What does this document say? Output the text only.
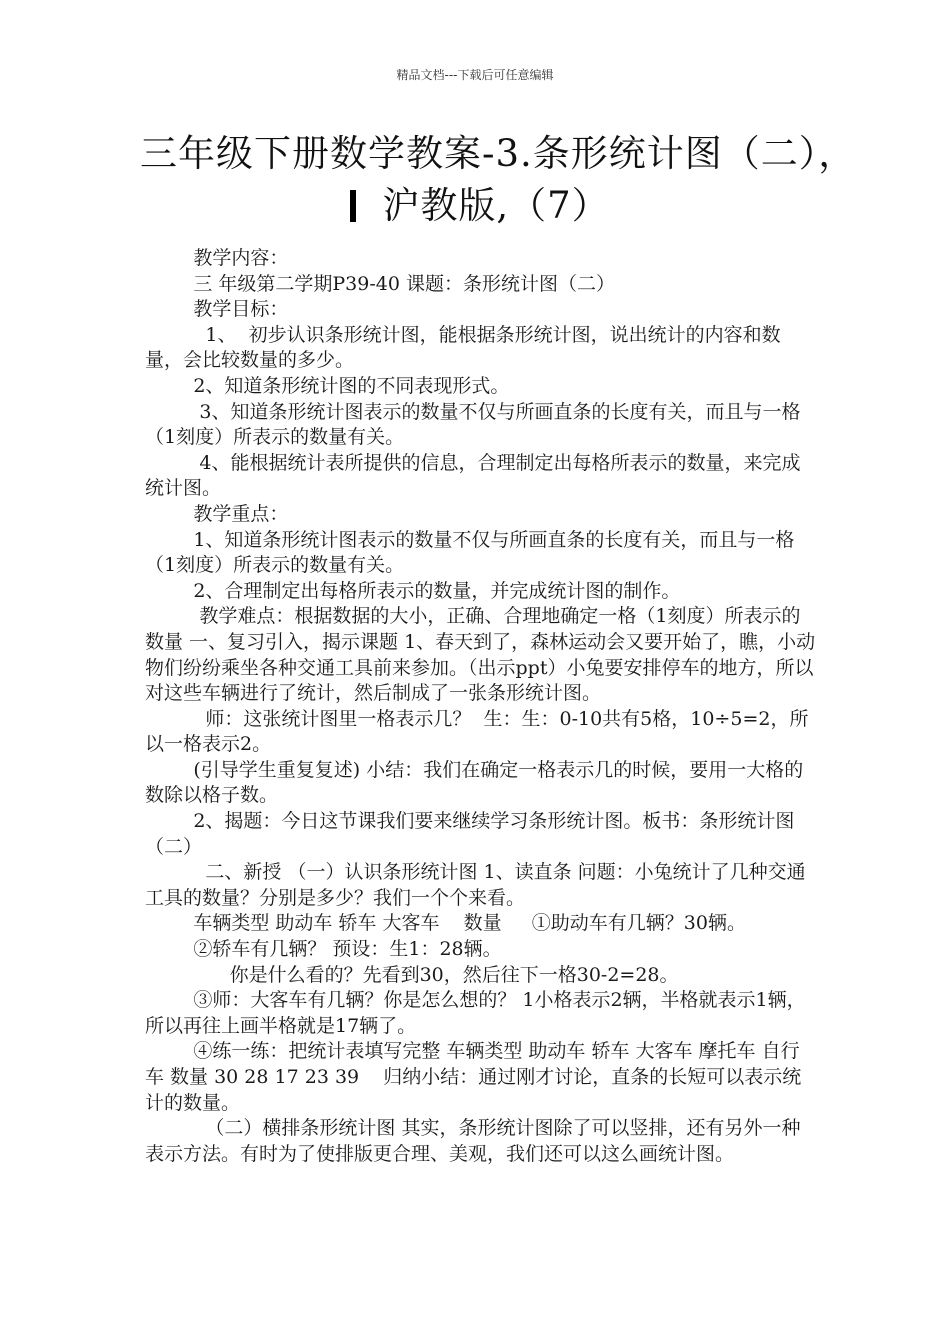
精品文档---下载后可任意编辑
三年级下册数学教案-3.条形统计图（二），
沪教版,（7）

教学内容：

三 年级第二学期P39-40 课题：条形统计图（二）

教学目标：

1、  初步认识条形统计图，能根据条形统计图，说出统计的内容和数量，会比较数量的多少。

2、知道条形统计图的不同表现形式。

3、知道条形统计图表示的数量不仅与所画直条的长度有关，而且与一格（1刻度）所表示的数量有关。

4、能根据统计表所提供的信息，合理制定出每格所表示的数量，来完成统计图。

教学重点：

1、知道条形统计图表示的数量不仅与所画直条的长度有关，而且与一格（1刻度）所表示的数量有关。

2、合理制定出每格所表示的数量，并完成统计图的制作。

教学难点：根据数据的大小，正确、合理地确定一格（1刻度）所表示的数量 一、复习引入，揭示课题 1、春天到了，森林运动会又要开始了，瞧，小动物们纷纷乘坐各种交通工具前来参加。（出示ppt）小兔要安排停车的地方，所以对这些车辆进行了统计，然后制成了一张条形统计图。

师：这张统计图里一格表示几？  生：生：0-10共有5格，10÷5=2，所以一格表示2。

(引导学生重复复述) 小结：我们在确定一格表示几的时候，要用一大格的数除以格子数。

2、揭题：今日这节课我们要来继续学习条形统计图。板书：条形统计图（二）

二、新授 （一）认识条形统计图 1、读直条 问题：小兔统计了几种交通工具的数量？分别是多少？我们一个个来看。

车辆类型 助动车 轿车 大客车    数量     ①助动车有几辆？30辆。

②轿车有几辆？ 预设：生1：28辆。

你是什么看的？先看到30，然后往下一格30-2=28。

③师：大客车有几辆？你是怎么想的？ 1小格表示2辆，半格就表示1辆，所以再往上画半格就是17辆了。

④练一练：把统计表填写完整 车辆类型 助动车 轿车 大客车 摩托车 自行车 数量 30 28 17 23 39    归纳小结：通过刚才讨论，直条的长短可以表示统计的数量。

（二）横排条形统计图 其实，条形统计图除了可以竖排，还有另外一种表示方法。有时为了使排版更合理、美观，我们还可以这么画统计图。
